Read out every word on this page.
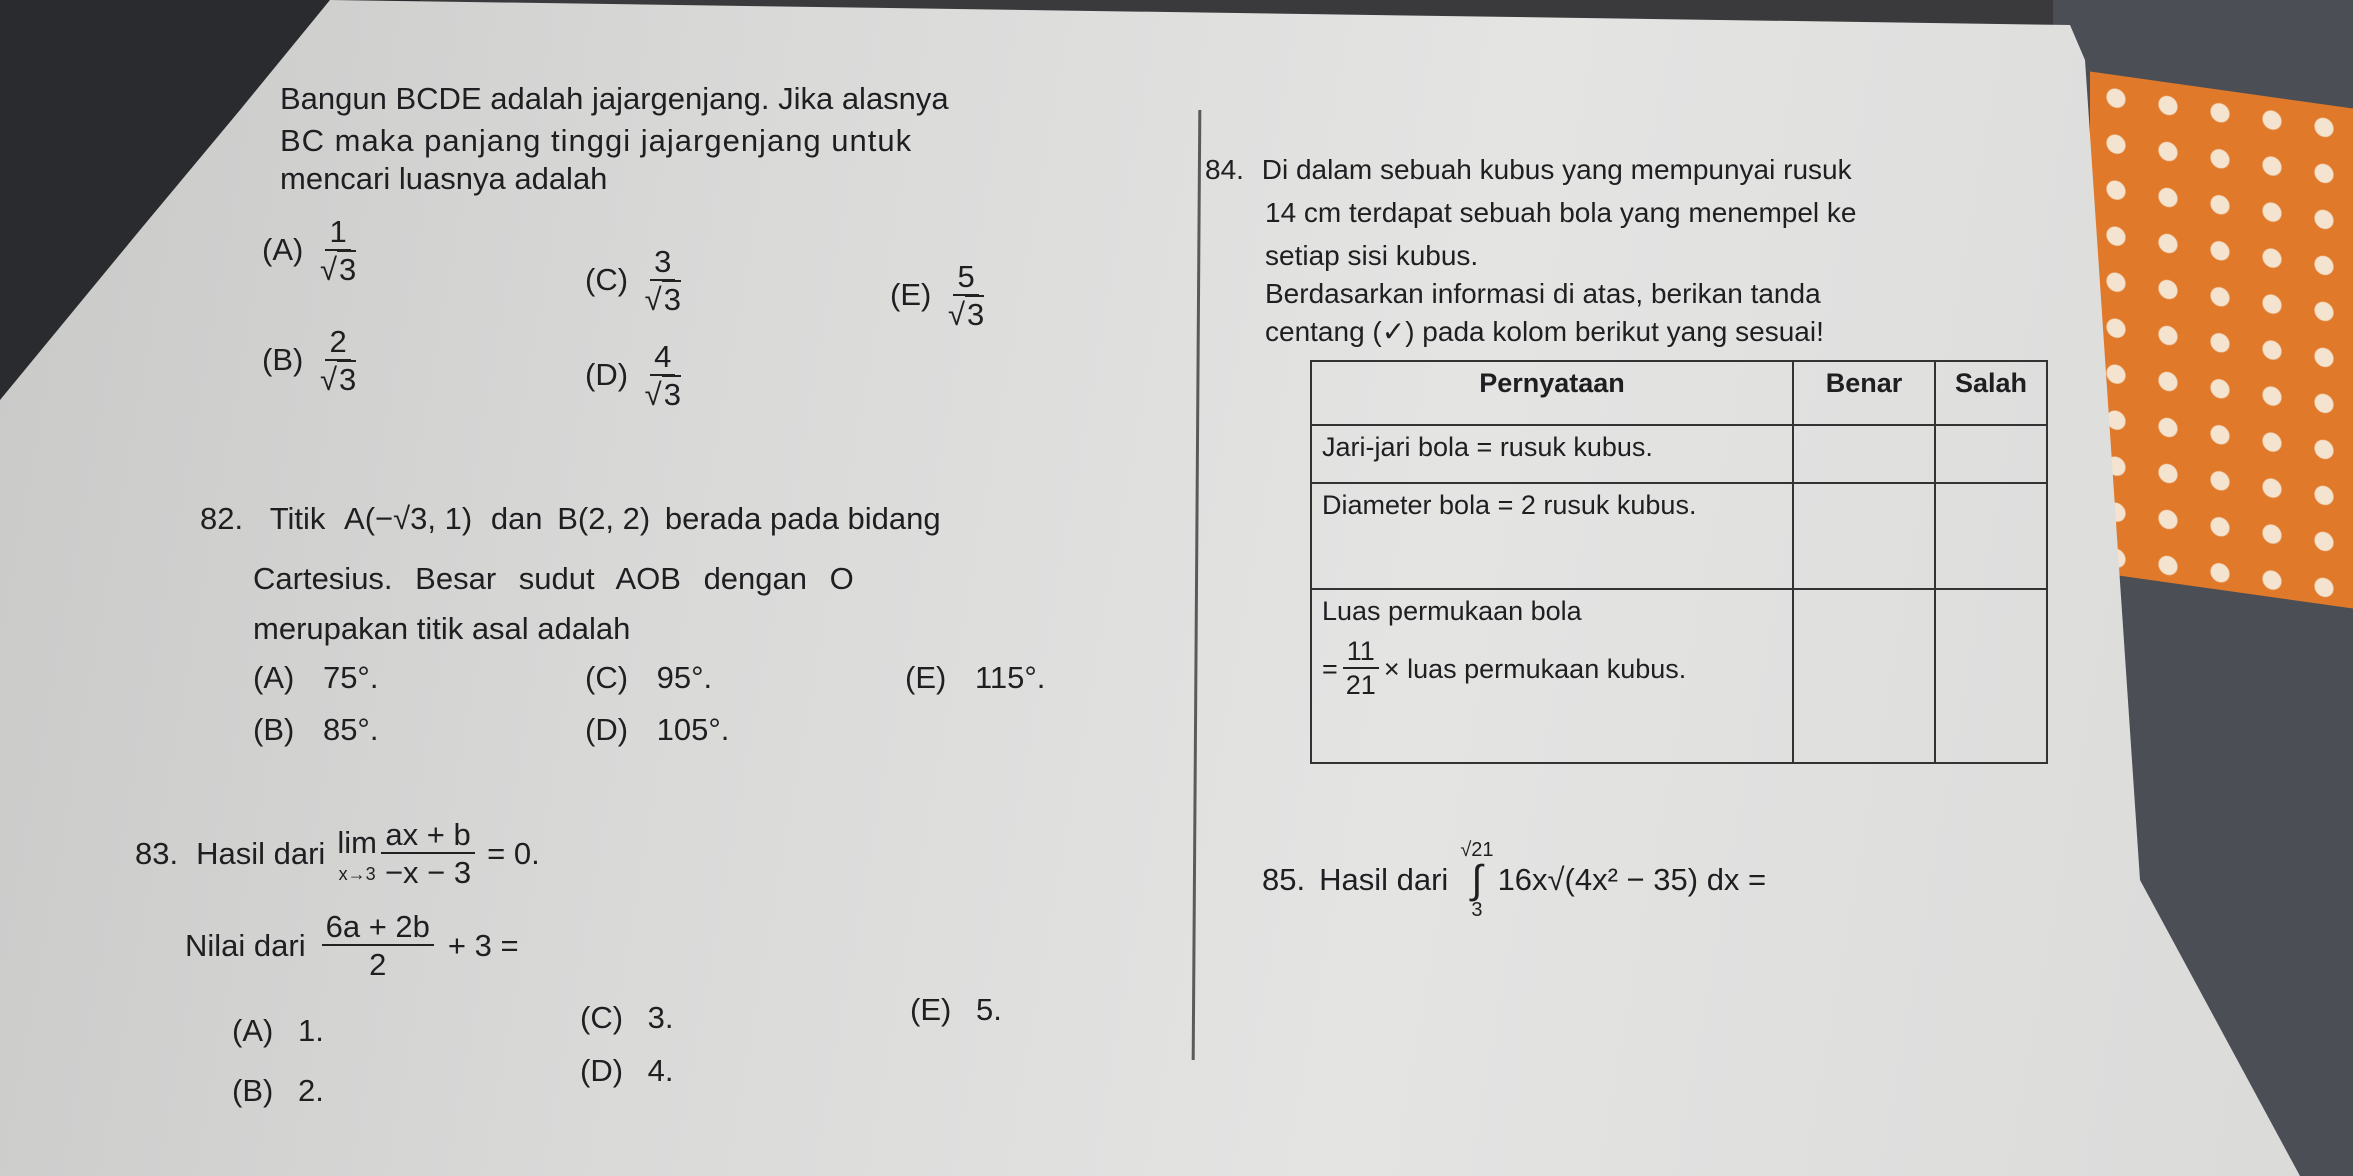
Bangun BCDE adalah jajargenjang. Jika alasnya
BC maka panjang tinggi jajargenjang untuk
mencari luasnya adalah
$(A) \frac{1}{√3}$
$(B) \frac{2}{√3}$
$(C) \frac{3}{√3}$
$(D) \frac{4}{√3}$
$(E) \frac{5}{√3}$
82. Titik A(−√3, 1) dan B(2, 2) berada pada bidang
Cartesius. Besar sudut AOB dengan O
merupakan titik asal adalah
(A) 75°.
(B) 85°.
(C) 95°.
(D) 105°.
(E) 115°.
83. Hasil dari lim
$x\to 3 \frac{ax + b}{-x - 3} = 0$.
Nilai dari $\frac{6a + 2b}{2} + 3$ =
(A) 1.
(B) 2.
(C) 3.
(D) 4.
(E) 5.
84. Di dalam sebuah kubus yang mempunyai rusuk
14 cm terdapat sebuah bola yang menempel ke
setiap sisi kubus.
Berdasarkan informasi di atas, berikan tanda
centang (✓) pada kolom berikut yang sesuai!
Pernyataan	Benar	Salah
Jari-jari bola = rusuk kubus.		
Diameter bola = 2 rusuk kubus.		

Luas permukaan bola
= $\frac{11}{21}$ × luas permukaan kubus.		

85. Hasil dari
√21
∫
3
16x√(4x² − 35) dx =
